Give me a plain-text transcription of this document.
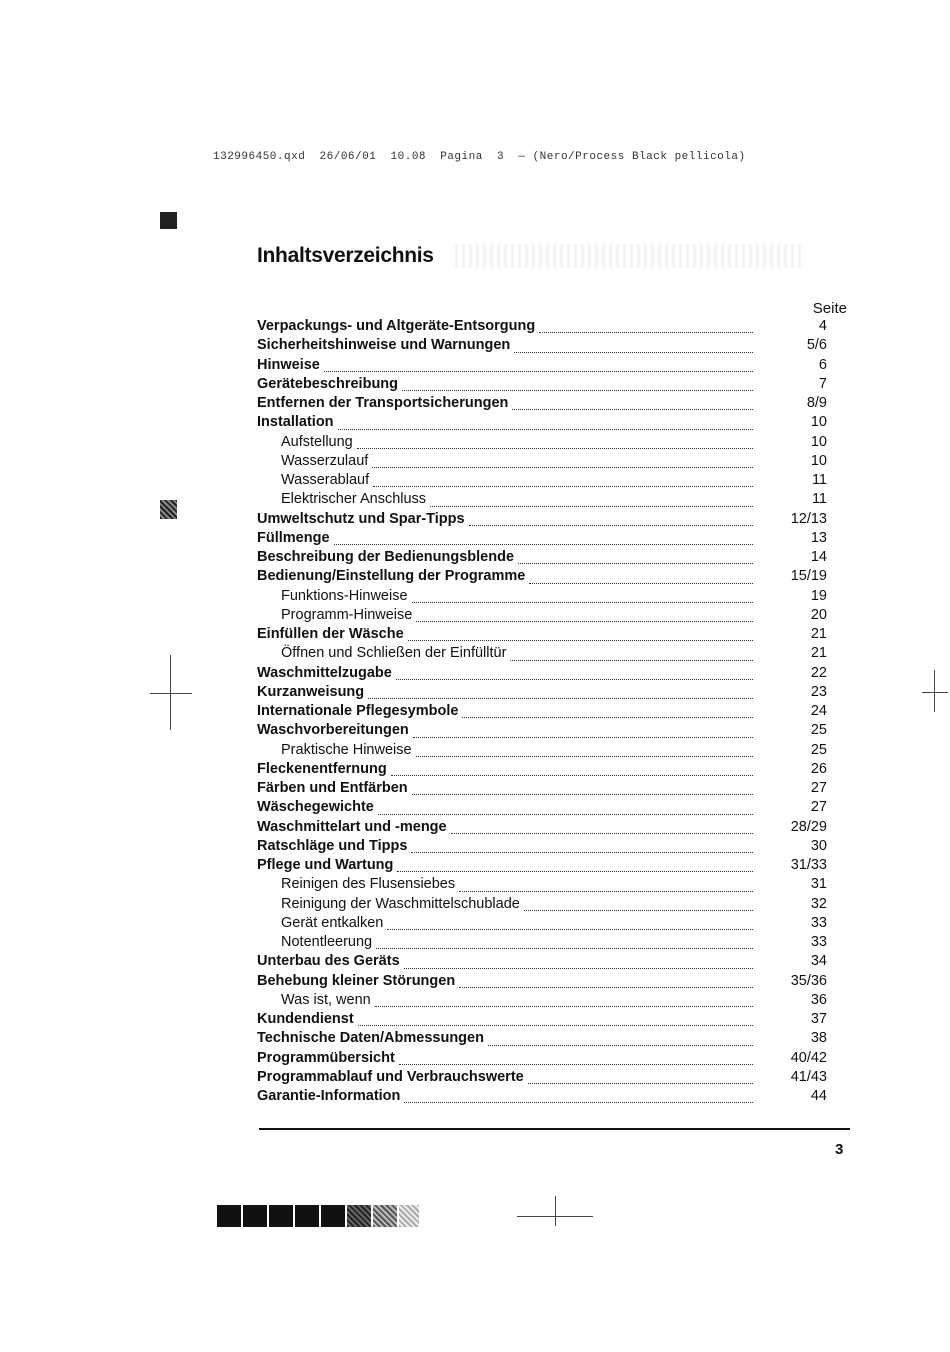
132996450.qxd  26/06/01  10.08  Pagina  3  — (Nero/Process Black pellicola)
Inhaltsverzeichnis
Seite
Verpackungs- und Altgeräte-Entsorgung	4
Sicherheitshinweise und Warnungen	5/6
Hinweise	6
Gerätebeschreibung	7
Entfernen der Transportsicherungen	8/9
Installation	10
Aufstellung	10
Wasserzulauf	10
Wasserablauf	11
Elektrischer Anschluss	11
Umweltschutz und Spar-Tipps	12/13
Füllmenge	13
Beschreibung der Bedienungsblende	14
Bedienung/Einstellung der Programme	15/19
Funktions-Hinweise	19
Programm-Hinweise	20
Einfüllen der Wäsche	21
Öffnen und Schließen der Einfülltür	21
Waschmittelzugabe	22
Kurzanweisung	23
Internationale Pflegesymbole	24
Waschvorbereitungen	25
Praktische Hinweise	25
Fleckenentfernung	26
Färben und Entfärben	27
Wäschegewichte	27
Waschmittelart und -menge	28/29
Ratschläge und Tipps	30
Pflege und Wartung	31/33
Reinigen des Flusensiebes	31
Reinigung der Waschmittelschublade	32
Gerät entkalken	33
Notentleerung	33
Unterbau des Geräts	34
Behebung kleiner Störungen	35/36
Was ist, wenn	36
Kundendienst	37
Technische Daten/Abmessungen	38
Programmübersicht	40/42
Programmablauf und Verbrauchswerte	41/43
Garantie-Information	44
3
